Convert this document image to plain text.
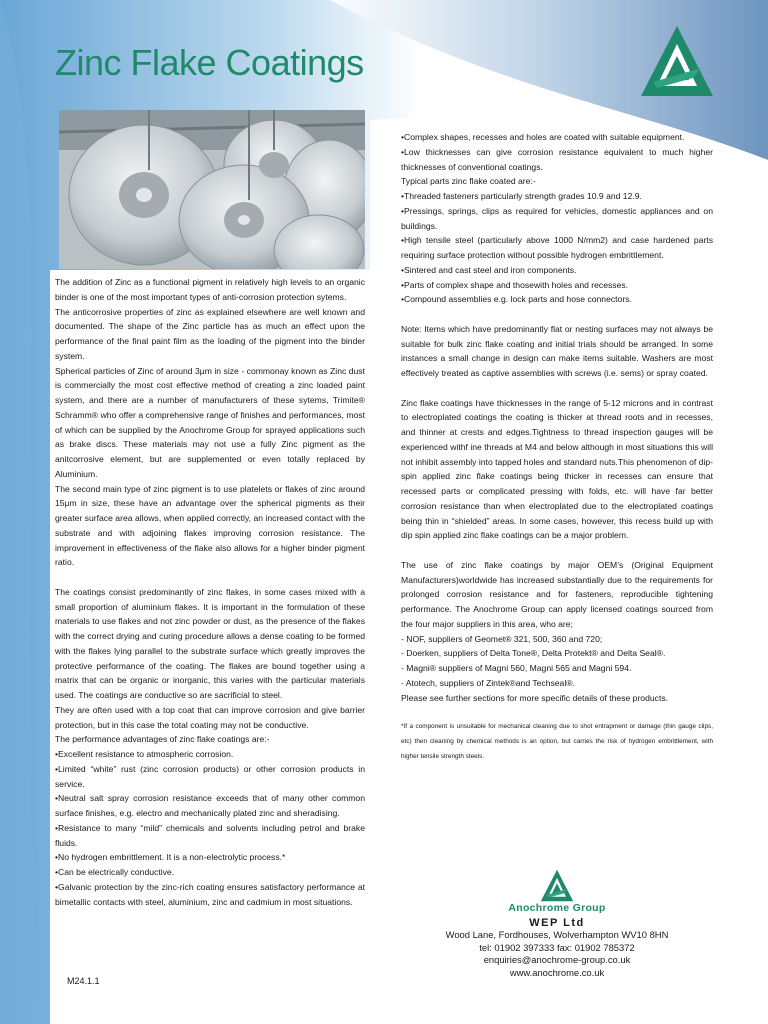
Zinc Flake Coatings

The addition of Zinc as a functional pigment in relatively high levels to an organic binder is one of the most important types of anti-corrosion protection sytems.

The anticorrosive properties of zinc as explained elsewhere are well known and documented. The shape of the Zinc particle has as much an effect upon the performance of the final paint film as the loading of the pigment into the binder system.

Spherical particles of Zinc of around 3μm in size - commonay known as Zinc dust is commercially the most cost effective method of creating a zinc loaded paint system, and there are a number of manufacturers of these sytems, Trimite® Schramm® who offer a comprehensive range of finishes and performances, most of which can be supplied by the Anochrome Group for sprayed applications such as brake discs. These materials may not use a fully Zinc pigment as the anitcorrosive element, but are supplemented or even totally replaced by Aluminium.

The second main type of zinc pigment is to use platelets or flakes of zinc around 15μm in size, these have an advantage over the spherical pigments as their greater surface area allows, when applied correctly, an increased contact with the substrate and with adjoining flakes improving corrosion resistance. The improvement in effectiveness of the flake also allows for a higher binder pigment ratio.

The coatings consist predominantly of zinc flakes, in some cases mixed with a small proportion of aluminium flakes. It is important in the formulation of these materials to use flakes and not zinc powder or dust, as the presence of the flakes with the correct drying and curing procedure allows a dense coating to be formed with the flakes lying parallel to the substrate surface which greatly improves the protective performance of the coating. The flakes are bound together using a matrix that can be organic or inorganic, this varies with the particular materials used. The coatings are conductive so are sacrificial to steel.

They are often used with a top coat that can improve corrosion and give barrier protection, but in this case the total coating may not be conductive.

The performance advantages of zinc flake coatings are:-

•Excellent resistance to atmospheric corrosion.

•Limited “white” rust (zinc corrosion products) or other corrosion products in service.

•Neutral salt spray corrosion resistance exceeds that of many other common surface finishes, e.g. electro and mechanically plated zinc and sheradising.

•Resistance to many “mild” chemicals and solvents including petrol and brake fluids.

•No hydrogen embrittlement. It is a non-electrolytic process.*

•Can be electrically conductive.

•Galvanic protection by the zinc-rich coating ensures satisfactory performance at bimetallic contacts with steel, aluminium, zinc and cadmium in most situations.

•Complex shapes, recesses and holes are coated with suitable equipment.

•Low thicknesses can give corrosion resistance equivalent to much higher thicknesses of conventional coatings.

Typical parts zinc flake coated are:-

•Threaded fasteners particularly strength grades 10.9 and 12.9.

•Pressings, springs, clips as required for vehicles, domestic appliances and on buildings.

•High tensile steel (particularly above 1000 N/mm2) and case hardened parts requiring surface protection without possible hydrogen embrittlement.

•Sintered and cast steel and iron components.

•Parts of complex shape and thosewith holes and recesses.

•Compound assemblies e.g. lock parts and hose connectors.

Note: Items which have predominantly flat or nesting surfaces may not always be suitable for bulk zinc flake coating and initial trials should be arranged. In some instances a small change in design can make items suitable. Washers are most effectively treated as captive assemblies with screws (i.e. sems) or spray coated.

Zinc flake coatings have thicknesses in the range of 5-12 microns and in contrast to electroplated coatings the coating is thicker at thread roots and in recesses, and thinner at crests and edges.Tightness to thread inspection gauges will be experienced withf ine threads at M4 and below although in most situations this will not inhibit assembly into tapped holes and standard nuts.This phenomenon of dip-spin applied zinc flake coatings being thicker in recesses can ensure that recessed parts or complicated pressing with folds, etc. will have far better corrosion resistance than when electroplated due to the electroplated coatings being thin in “shielded” areas. In some cases, however, this recess build up with dip spin applied zinc flake coatings can be a major problem.

The use of zinc flake coatings by major OEM’s (Original Equipment Manufacturers)worldwide has increased substantially due to the requirements for prolonged corrosion resistance and for fasteners, reproducible tightening performance. The Anochrome Group can apply licensed coatings sourced from the four major suppliers in this area, who are;

- NOF, suppliers of Geomet® 321, 500, 360 and 720;

- Doerken, suppliers of Delta Tone®, Delta Protekt® and Delta Seal®.

- Magni® suppliers of Magni 560, Magni 565 and Magni 594.

- Atotech, suppliers of Zintek®and Techseal®.

Please see further sections for more specific details of these products.

*If a component is unsuitable for mechanical cleaning due to shot entrapment or damage (thin gauge clips, etc) then cleaning by chemical methods is an option, but carries the risk of hydrogen embrittlement, with higher tensile strength steels.

M24.1.1
Anochrome Group
WEP Ltd
Wood Lane, Fordhouses, Wolverhampton WV10 8HN
tel: 01902 397333 fax: 01902 785372
enquiries@anochrome-group.co.uk
www.anochrome.co.uk
